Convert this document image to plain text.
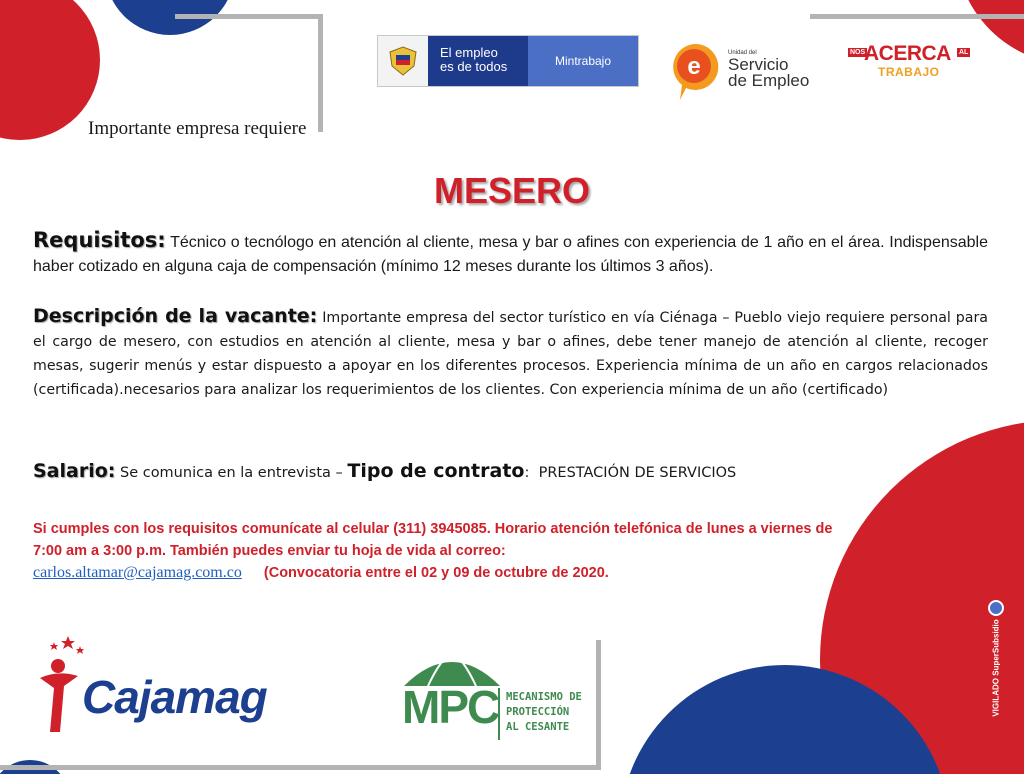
El empleo
es de todos	Mintrabajo	e	Unidad del
Servicio
de Empleo
NOS
ACERCA AL
TRABAJO
Importante empresa requiere
MESERO
Requisitos: Técnico o tecnólogo en atención al cliente, mesa y bar o afines con experiencia de 1 año en el área. Indispensable haber cotizado en alguna caja de compensación (mínimo 12 meses durante los últimos 3 años).
Descripción de la vacante: Importante empresa del sector turístico en vía Ciénaga – Pueblo viejo requiere personal para el cargo de mesero, con estudios en atención al cliente, mesa y bar o afines, debe tener manejo de atención al cliente, recoger mesas, sugerir menús y estar dispuesto a apoyar en los diferentes procesos. Experiencia mínima de un año en cargos relacionados (certificada).necesarios para analizar los requerimientos de los clientes. Con experiencia mínima de un año (certificado)
Salario: Se comunica en la entrevista – Tipo de contrato: PRESTACIÓN DE SERVICIOS
Si cumples con los requisitos comunícate al celular (311) 3945085. Horario atención telefónica de lunes a viernes de 7:00 am a 3:00 p.m. También puedes enviar tu hoja de vida al correo:
carlos.altamar@cajamag.com.co (Convocatoria entre el 02 y 09 de octubre de 2020.
Cajamag	MPC MECANISMO DE
PROTECCIÓN
AL CESANTE
VIGILADO SuperSubsidio
